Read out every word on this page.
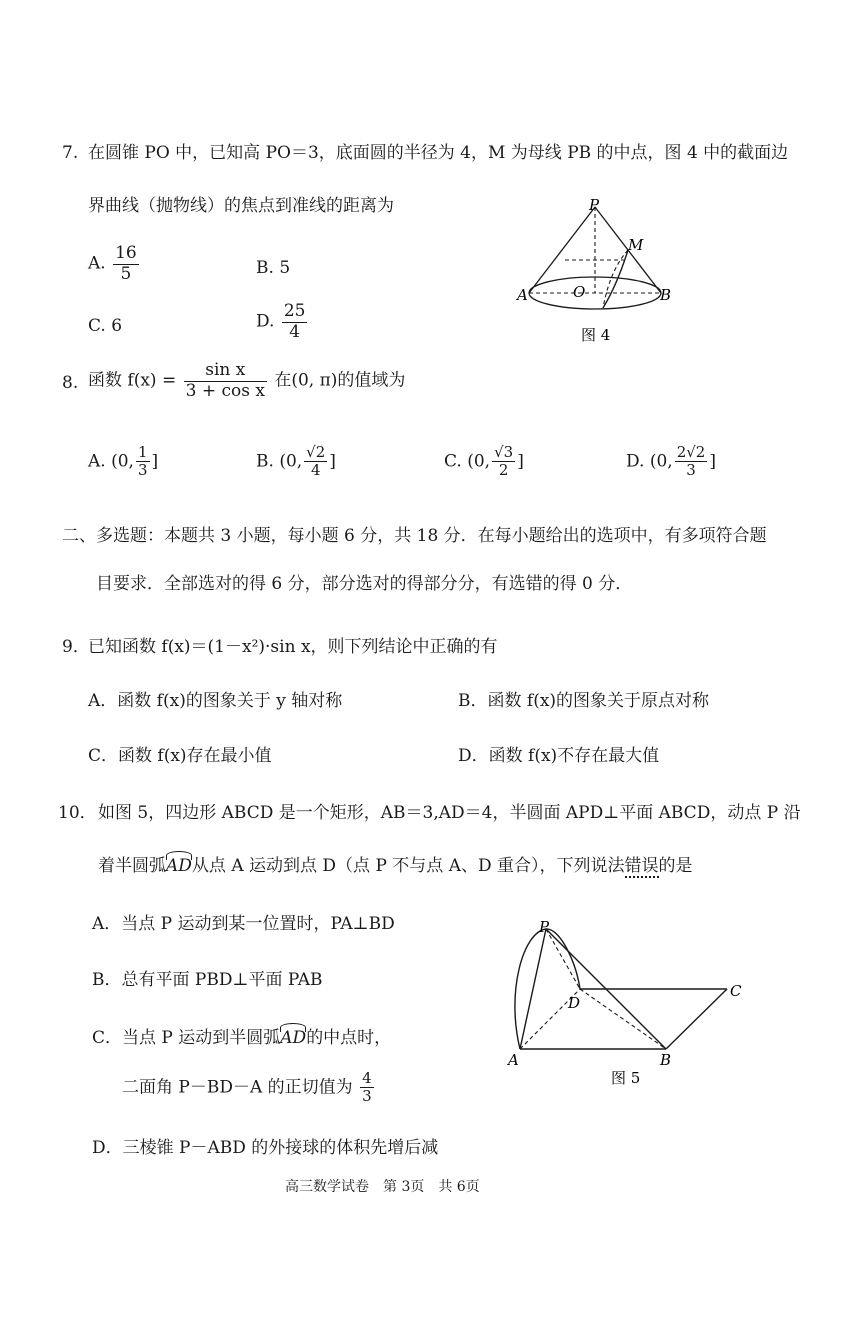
7. 在圆锥 PO 中，已知高 PO＝3，底面圆的半径为 4，M 为母线 PB 的中点，图 4 中的截面边
界曲线（抛物线）的焦点到准线的距离为
A. $\frac{16}{5}$	B. 5
C. 6	D. $\frac{25}{4}$
P
M
A	O	B
图 4
8. 函数 $f(x) = \frac{\text{sin x}}{\text{3 + cos x}}$ 在(0, π)的值域为
A. (0, $\frac{1}{3}$ ]	B. (0, $\frac{√2}{4}$ ]	C. (0, $\frac{√3}{2}$ ]	D. (0, $\frac{2√2}{3}$ ]
二、多选题：本题共 3 小题，每小题 6 分，共 18 分．在每小题给出的选项中，有多项符合题
目要求．全部选对的得 6 分，部分选对的得部分分，有选错的得 0 分．
9．
已知函数 f(x)＝(1－x²)·sin x，则下列结论中正确的有
A．函数 f(x)的图象关于 y 轴对称	B．函数 f(x)的图象关于原点对称
C．函数 f(x)存在最小值	D．函数 f(x)不存在最大值
10． 如图 5，四边形 ABCD 是一个矩形，AB＝3,AD＝4，半圆面 APD⊥平面 ABCD，动点 P 沿
着半圆弧
AD从点 A 运动到点 D（点 P 不与点 A、D 重合），下列说法错误的是
A．当点 P 运动到某一位置时，PA⊥BD
B．总有平面 PBD⊥平面 PAB
C．当点 P 运动到半圆弧
AD的中点时，
二面角 P－BD－A 的正切值为 $\frac{4}{3}$
D．三棱锥 P－ABD 的外接球的体积先增后减
P
D
C
A	B
图 5
高三数学试卷　第 3页　共 6页
